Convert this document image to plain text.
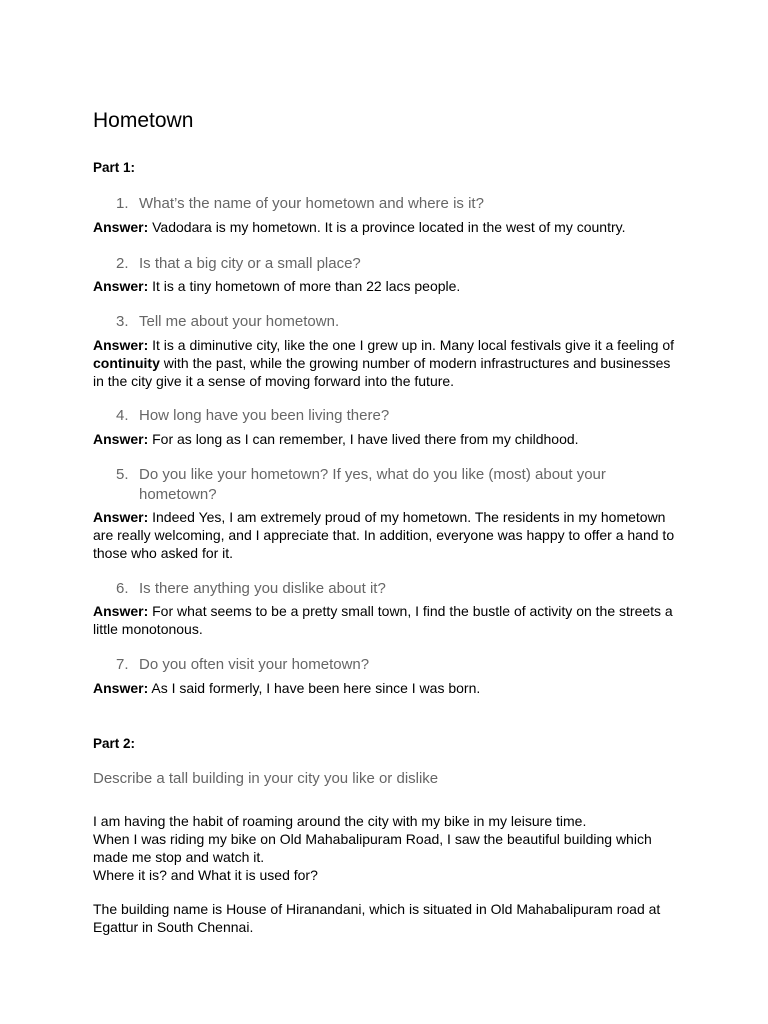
Hometown
Part 1:
1. What’s the name of your hometown and where is it?
Answer: Vadodara is my hometown. It is a province located in the west of my country.
2. Is that a big city or a small place?
Answer: It is a tiny hometown of more than 22 lacs people.
3. Tell me about your hometown.
Answer: It is a diminutive city, like the one I grew up in. Many local festivals give it a feeling of continuity with the past, while the growing number of modern infrastructures and businesses in the city give it a sense of moving forward into the future.
4. How long have you been living there?
Answer: For as long as I can remember, I have lived there from my childhood.
5. Do you like your hometown? If yes, what do you like (most) about your hometown?
Answer: Indeed Yes, I am extremely proud of my hometown. The residents in my hometown are really welcoming, and I appreciate that. In addition, everyone was happy to offer a hand to those who asked for it.
6. Is there anything you dislike about it?
Answer: For what seems to be a pretty small town, I find the bustle of activity on the streets a little monotonous.
7. Do you often visit your hometown?
Answer: As I said formerly, I have been here since I was born.
Part 2:
Describe a tall building in your city you like or dislike
I am having the habit of roaming around the city with my bike in my leisure time.
When I was riding my bike on Old Mahabalipuram Road, I saw the beautiful building which made me stop and watch it.
Where it is? and What it is used for?
The building name is House of Hiranandani, which is situated in Old Mahabalipuram road at Egattur in South Chennai.
